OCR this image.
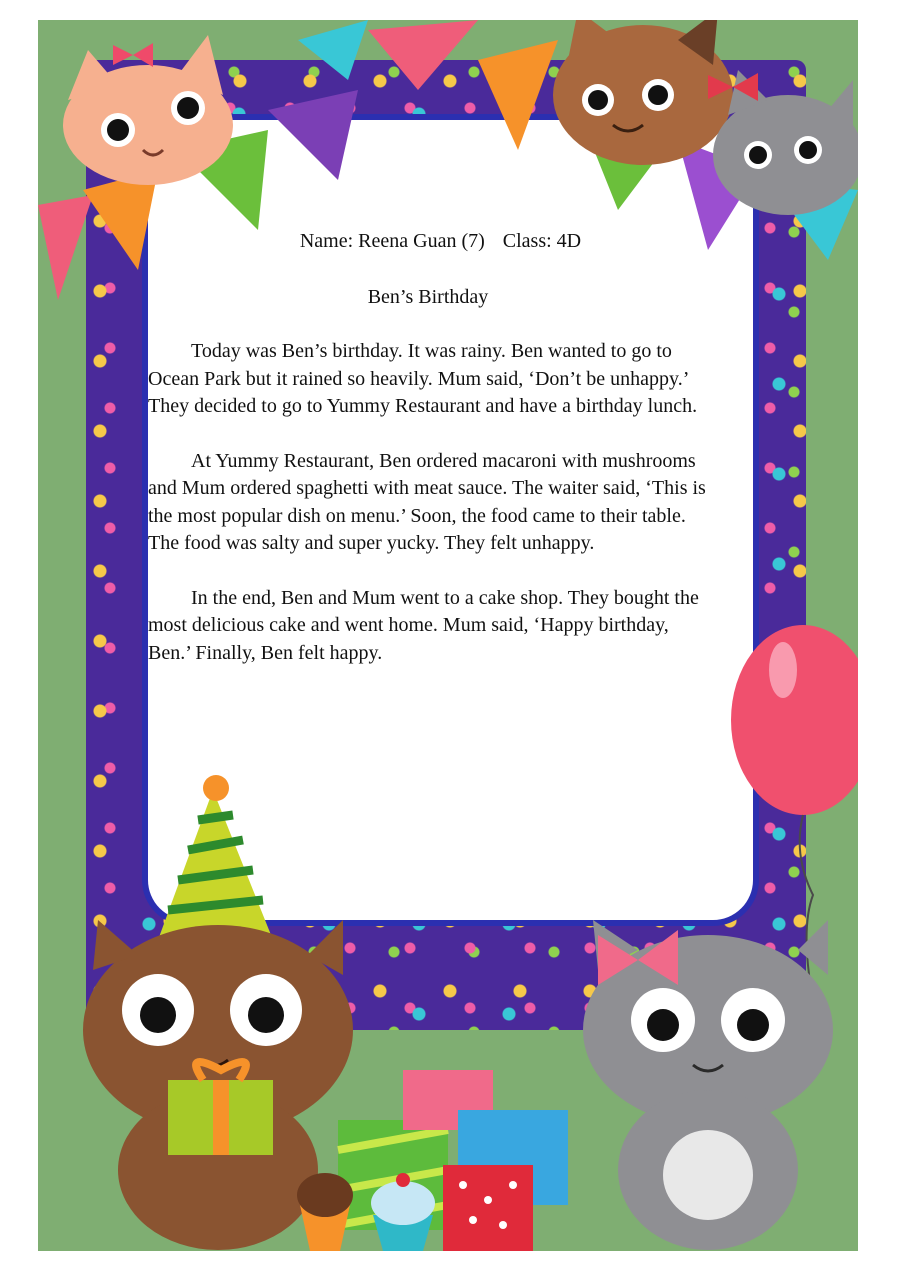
Name: Reena Guan (7) Class: 4D

Ben’s Birthday

Today was Ben’s birthday. It was rainy. Ben wanted to go to Ocean Park but it rained so heavily. Mum said, ‘Don’t be unhappy.’ They decided to go to Yummy Restaurant and have a birthday lunch.

At Yummy Restaurant, Ben ordered macaroni with mushrooms and Mum ordered spaghetti with meat sauce. The waiter said, ‘This is the most popular dish on menu.’ Soon, the food came to their table. The food was salty and super yucky. They felt unhappy.

In the end, Ben and Mum went to a cake shop. They bought the most delicious cake and went home. Mum said, ‘Happy birthday, Ben.’ Finally, Ben felt happy.
